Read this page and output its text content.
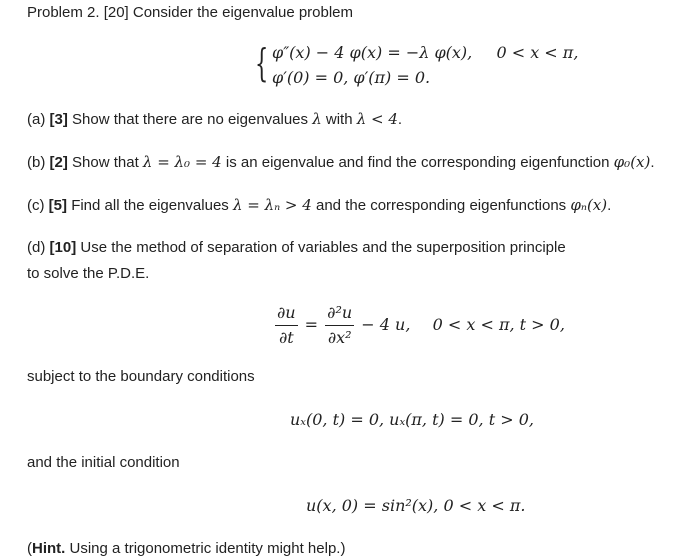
Problem 2. [20] Consider the eigenvalue problem
{ φ″(x) − 4 φ(x) = −λ φ(x), 0 < x < π,
φ′(0) = 0, φ′(π) = 0.
(a) [3] Show that there are no eigenvalues λ with λ < 4.
(b) [2] Show that λ = λ₀ = 4 is an eigenvalue and find the corresponding eigenfunction φ₀(x).
(c) [5] Find all the eigenvalues λ = λₙ > 4 and the corresponding eigenfunctions φₙ(x).
(d) [10] Use the method of separation of variables and the superposition principle
to solve the P.D.E.
$\frac{\partial u}{\partial t} = \frac{\text{∂²u}}{\text{∂x²}} - 4$ u, 0 < x < π, t > 0,
subject to the boundary conditions
uₓ(0, t) = 0, uₓ(π, t) = 0, t > 0,
and the initial condition
u(x, 0) = sin²(x), 0 < x < π.
(Hint. Using a trigonometric identity might help.)
